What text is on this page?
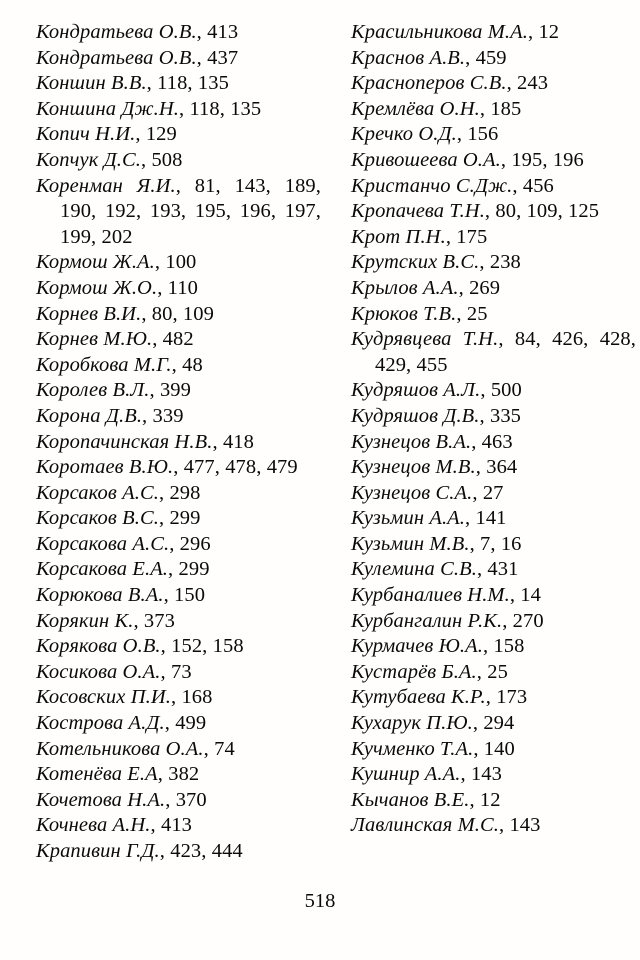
Кондратьева О.В., 413

Кондратьева О.В., 437

Коншин В.В., 118, 135

Коншина Дж.Н., 118, 135

Копич Н.И., 129

Копчук Д.С., 508

Коренман Я.И., 81, 143, 189, 190, 192, 193, 195, 196, 197, 199, 202

Кормош Ж.А., 100

Кормош Ж.О., 110

Корнев В.И., 80, 109

Корнев М.Ю., 482

Коробкова М.Г., 48

Королев В.Л., 399

Корона Д.В., 339

Коропачинская Н.В., 418

Коротаев В.Ю., 477, 478, 479

Корсаков А.С., 298

Корсаков В.С., 299

Корсакова А.С., 296

Корсакова Е.А., 299

Корюкова В.А., 150

Корякин К., 373

Корякова О.В., 152, 158

Косикова О.А., 73

Косовских П.И., 168

Кострова А.Д., 499

Котельникова О.А., 74

Котенёва Е.А, 382

Кочетова Н.А., 370

Кочнева А.Н., 413

Крапивин Г.Д., 423, 444

Красильникова М.А., 12

Краснов А.В., 459

Красноперов С.В., 243

Кремлёва О.Н., 185

Кречко О.Д., 156

Кривошеева О.А., 195, 196

Кристанчо С.Дж., 456

Кропачева Т.Н., 80, 109, 125

Крот П.Н., 175

Крутских В.С., 238

Крылов А.А., 269

Крюков Т.В., 25

Кудрявцева Т.Н., 84, 426, 428, 429, 455

Кудряшов А.Л., 500

Кудряшов Д.В., 335

Кузнецов В.А., 463

Кузнецов М.В., 364

Кузнецов С.А., 27

Кузьмин А.А., 141

Кузьмин М.В., 7, 16

Кулемина С.В., 431

Курбаналиев Н.М., 14

Курбангалин Р.К., 270

Курмачев Ю.А., 158

Кустарёв Б.А., 25

Кутубаева К.Р., 173

Кухарук П.Ю., 294

Кучменко Т.А., 140

Кушнир А.А., 143

Кычанов В.Е., 12

Лавлинская М.С., 143

518
